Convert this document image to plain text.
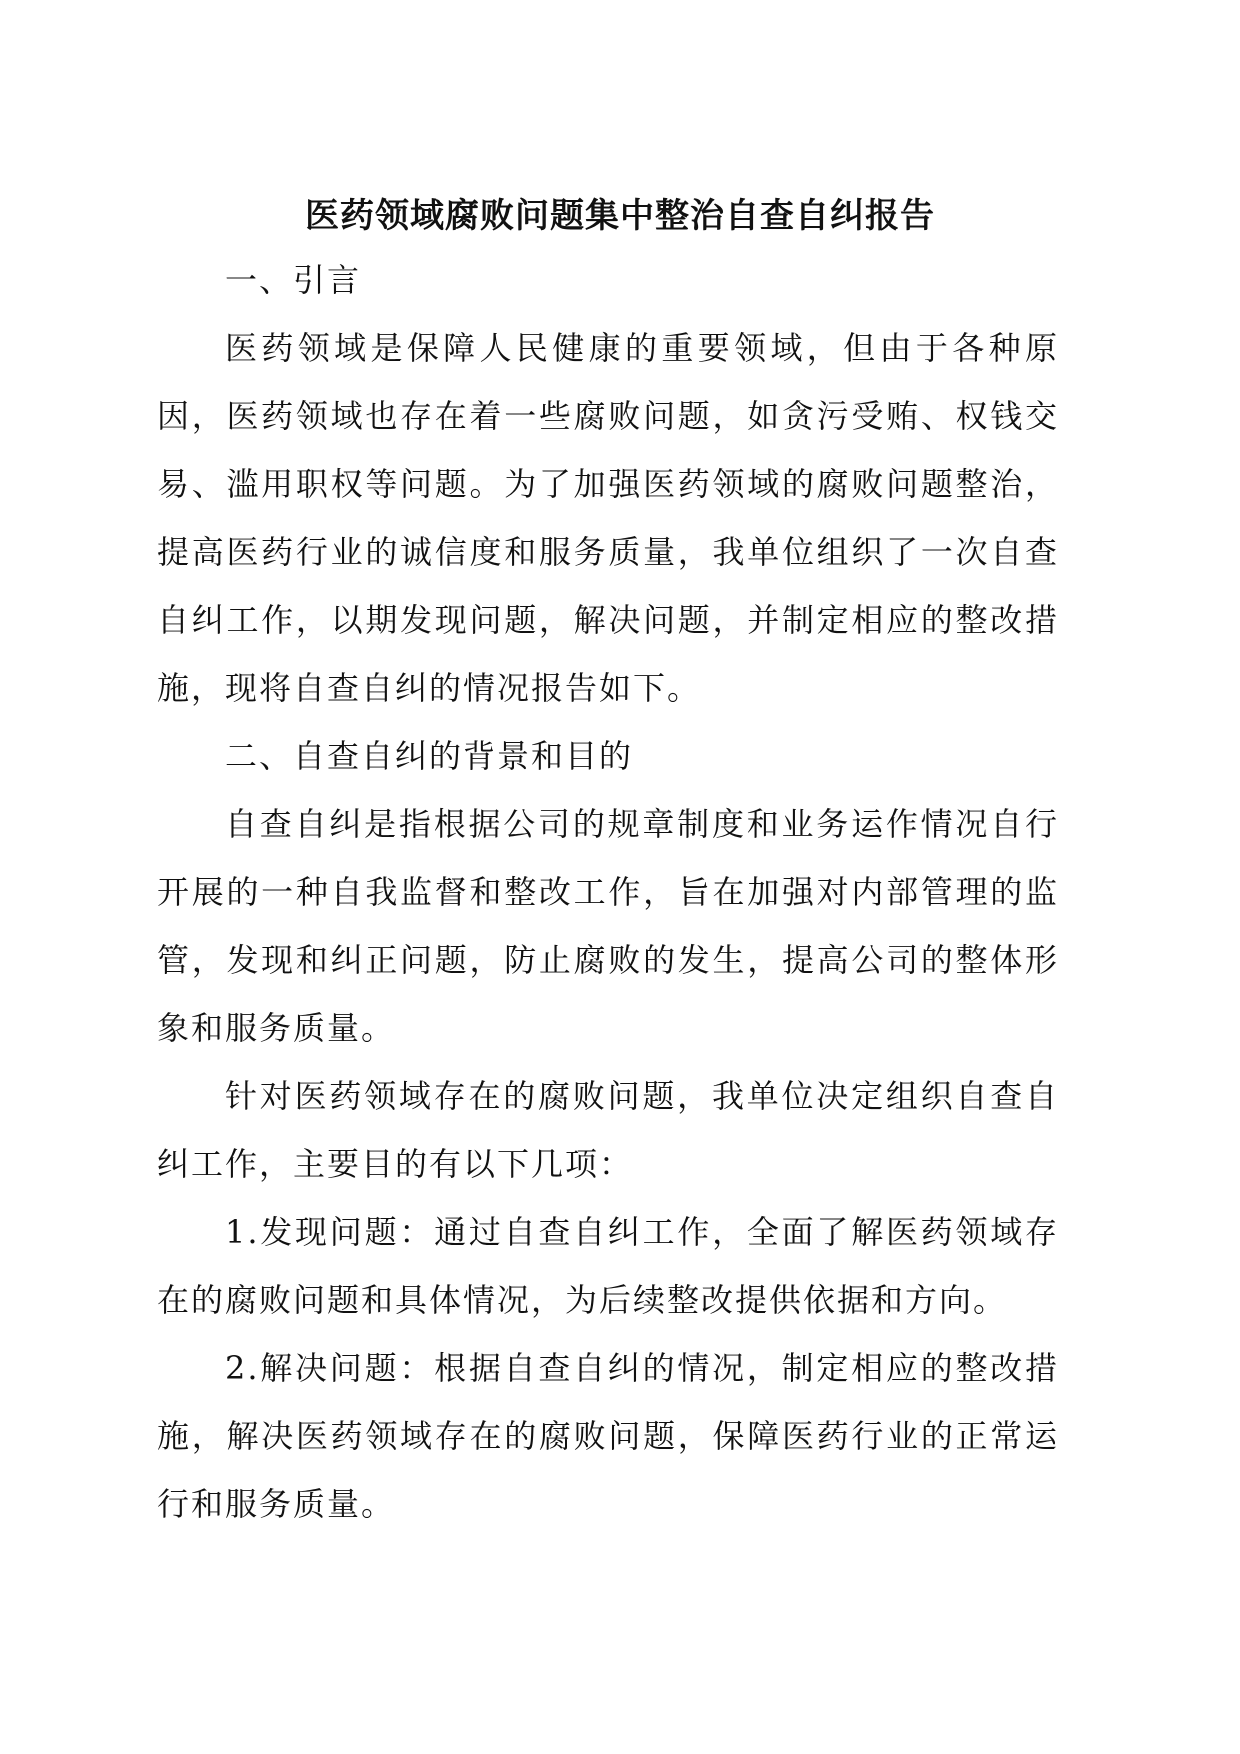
医药领域腐败问题集中整治自查自纠报告

一、引言

医药领域是保障人民健康的重要领域，但由于各种原因，医药领域也存在着一些腐败问题，如贪污受贿、权钱交易、滥用职权等问题。为了加强医药领域的腐败问题整治，提高医药行业的诚信度和服务质量，我单位组织了一次自查自纠工作，以期发现问题，解决问题，并制定相应的整改措施，现将自查自纠的情况报告如下。

二、自查自纠的背景和目的

自查自纠是指根据公司的规章制度和业务运作情况自行开展的一种自我监督和整改工作，旨在加强对内部管理的监管，发现和纠正问题，防止腐败的发生，提高公司的整体形象和服务质量。

针对医药领域存在的腐败问题，我单位决定组织自查自纠工作，主要目的有以下几项：

1.发现问题：通过自查自纠工作，全面了解医药领域存在的腐败问题和具体情况，为后续整改提供依据和方向。

2.解决问题：根据自查自纠的情况，制定相应的整改措施，解决医药领域存在的腐败问题，保障医药行业的正常运行和服务质量。
